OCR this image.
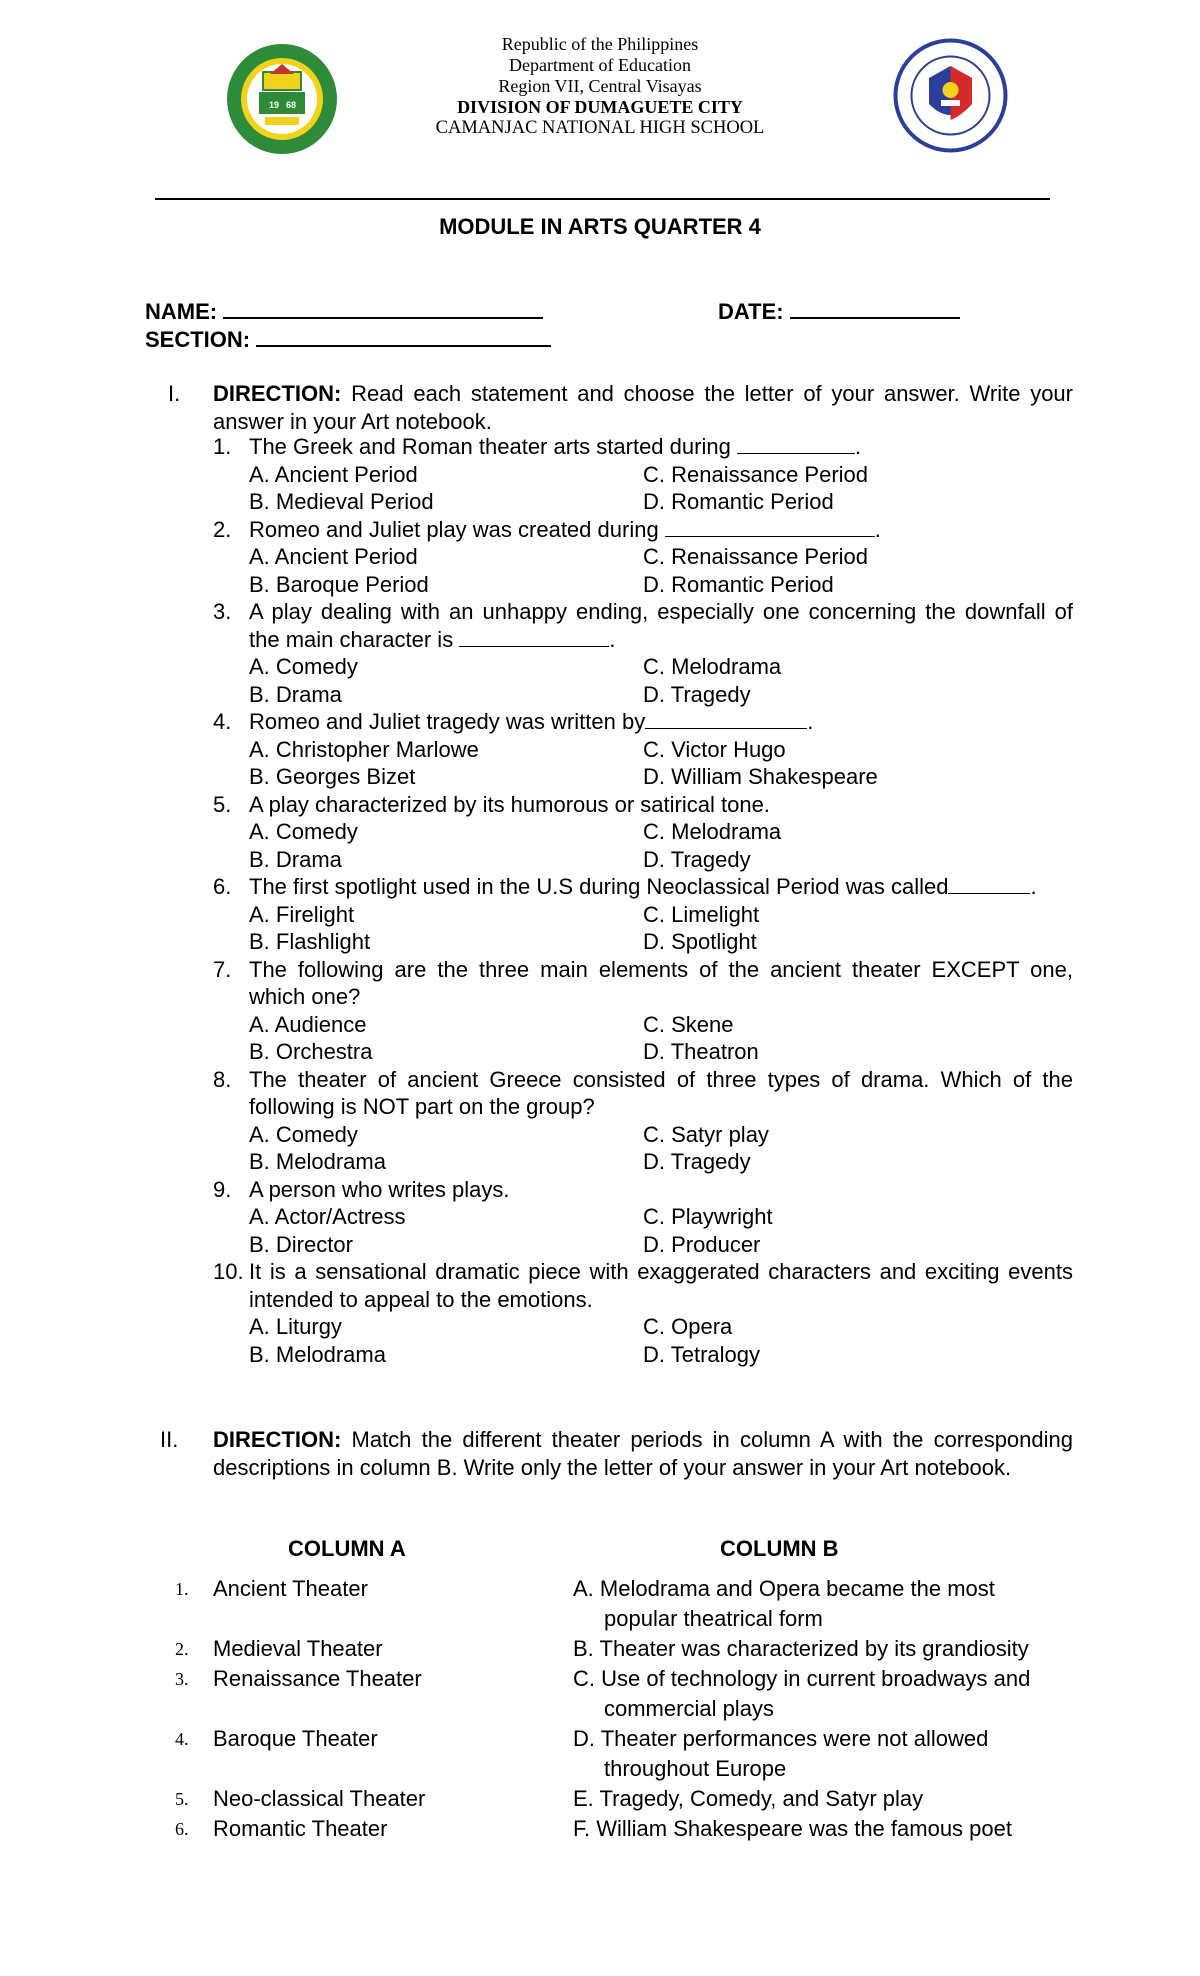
19 68
Republic of the Philippines
Department of Education
Region VII, Central Visayas
DIVISION OF DUMAGUETE CITY
CAMANJAC NATIONAL HIGH SCHOOL
MODULE IN ARTS QUARTER 4
NAME:	DATE:
SECTION:
I. DIRECTION: Read each statement and choose the letter of your answer. Write your answer in your Art notebook.
1. The Greek and Roman theater arts started during	.
A. Ancient Period	C. Renaissance Period
B. Medieval Period	D. Romantic Period
2. Romeo and Juliet play was created during	.
A. Ancient Period	C. Renaissance Period
B. Baroque Period	D. Romantic Period
3. A play dealing with an unhappy ending, especially one concerning the downfall of the main character is	.
A. Comedy	C. Melodrama
B. Drama	D. Tragedy
4. Romeo and Juliet tragedy was written by	.
A. Christopher Marlowe	C. Victor Hugo
B. Georges Bizet	D. William Shakespeare
5. A play characterized by its humorous or satirical tone.
A. Comedy	C. Melodrama
B. Drama	D. Tragedy
6. The first spotlight used in the U.S during Neoclassical Period was called	.
A. Firelight	C. Limelight
B. Flashlight	D. Spotlight
7. The following are the three main elements of the ancient theater EXCEPT one, which one?
A. Audience	C. Skene
B. Orchestra	D. Theatron
8. The theater of ancient Greece consisted of three types of drama. Which of the following is NOT part on the group?
A. Comedy	C. Satyr play
B. Melodrama	D. Tragedy
9. A person who writes plays.
A. Actor/Actress	C. Playwright
B. Director	D. Producer
10. It is a sensational dramatic piece with exaggerated characters and exciting events intended to appeal to the emotions.
A. Liturgy	C. Opera
B. Melodrama	D. Tetralogy
II. DIRECTION: Match the different theater periods in column A with the corresponding descriptions in column B. Write only the letter of your answer in your Art notebook.
COLUMN A	COLUMN B
1.	Ancient Theater	A. Melodrama and Opera became the most
popular theatrical form
2.	Medieval Theater	B. Theater was characterized by its grandiosity
3.	Renaissance Theater	C. Use of technology in current broadways and
commercial plays
4.	Baroque Theater	D. Theater performances were not allowed
throughout Europe
5.	Neo-classical Theater	E. Tragedy, Comedy, and Satyr play
6.	Romantic Theater	F. William Shakespeare was the famous poet
